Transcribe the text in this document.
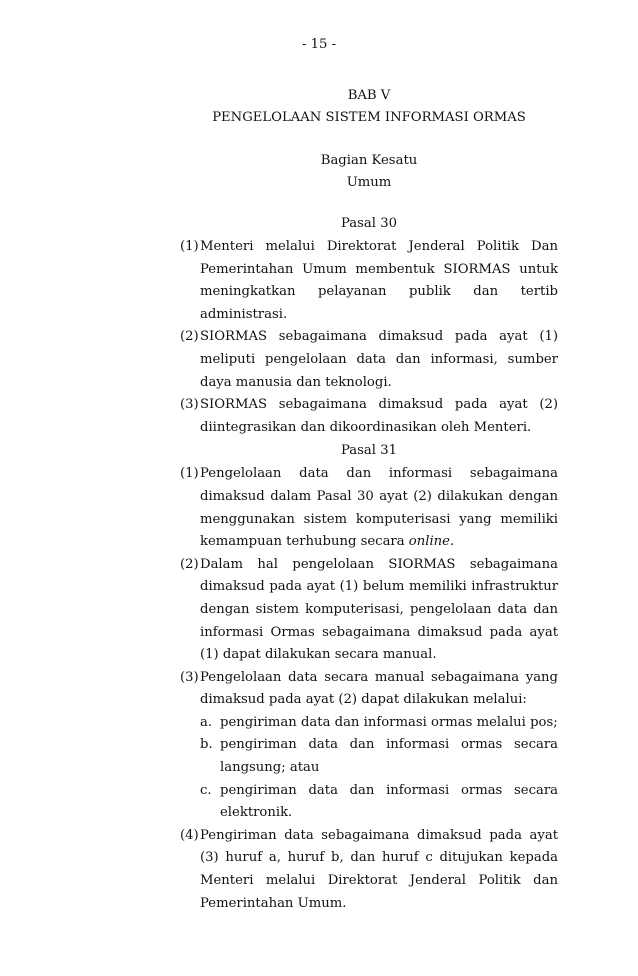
- 15 -
BAB V
PENGELOLAAN SISTEM INFORMASI ORMAS
Bagian Kesatu
Umum
Pasal 30
(1) Menteri melalui Direktorat Jenderal Politik Dan Pemerintahan Umum membentuk SIORMAS untuk meningkatkan pelayanan publik dan tertib administrasi.
(2) SIORMAS sebagaimana dimaksud pada ayat (1) meliputi pengelolaan data dan informasi, sumber daya manusia dan teknologi.
(3) SIORMAS sebagaimana dimaksud pada ayat (2) diintegrasikan dan dikoordinasikan oleh Menteri.
Pasal 31
(1) Pengelolaan data dan informasi sebagaimana dimaksud dalam Pasal 30 ayat (2) dilakukan dengan menggunakan sistem komputerisasi yang memiliki kemampuan terhubung secara online.
(2) Dalam hal pengelolaan SIORMAS sebagaimana dimaksud pada ayat (1) belum memiliki infrastruktur dengan sistem komputerisasi, pengelolaan data dan informasi Ormas sebagaimana dimaksud pada ayat (1) dapat dilakukan secara manual.
(3) Pengelolaan data secara manual sebagaimana yang dimaksud pada ayat (2) dapat dilakukan melalui:
a. pengiriman data dan informasi ormas melalui pos;
b. pengiriman data dan informasi ormas secara langsung; atau
c. pengiriman data dan informasi ormas secara elektronik.
(4) Pengiriman data sebagaimana dimaksud pada ayat (3) huruf a, huruf b, dan huruf c ditujukan kepada Menteri melalui Direktorat Jenderal Politik dan Pemerintahan Umum.
